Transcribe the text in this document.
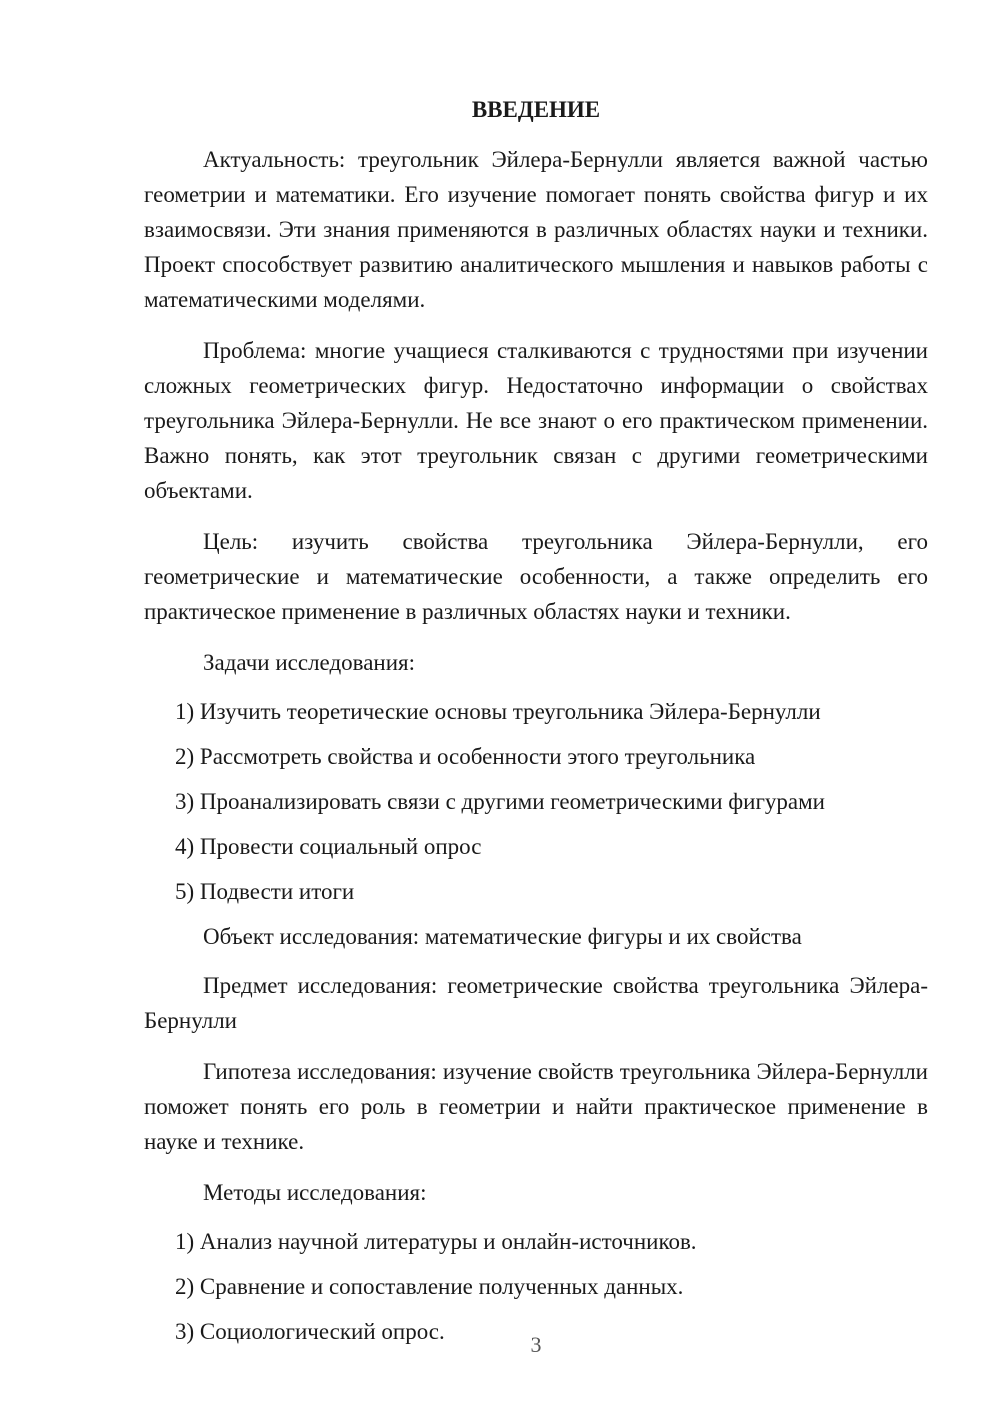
ВВЕДЕНИЕ

Актуальность: треугольник Эйлера-Бернулли является важной частью геометрии и математики. Его изучение помогает понять свойства фигур и их взаимосвязи. Эти знания применяются в различных областях науки и техники. Проект способствует развитию аналитического мышления и навыков работы с математическими моделями.

Проблема: многие учащиеся сталкиваются с трудностями при изучении сложных геометрических фигур. Недостаточно информации о свойствах треугольника Эйлера-Бернулли. Не все знают о его практическом применении. Важно понять, как этот треугольник связан с другими геометрическими объектами.

Цель: изучить свойства треугольника Эйлера-Бернулли, его геометрические и математические особенности, а также определить его практическое применение в различных областях науки и техники.

Задачи исследования:

1) Изучить теоретические основы треугольника Эйлера-Бернулли
2) Рассмотреть свойства и особенности этого треугольника
3) Проанализировать связи с другими геометрическими фигурами
4) Провести социальный опрос
5) Подвести итоги

Объект исследования: математические фигуры и их свойства

Предмет исследования: геометрические свойства треугольника Эйлера-Бернулли

Гипотеза исследования: изучение свойств треугольника Эйлера-Бернулли поможет понять его роль в геометрии и найти практическое применение в науке и технике.

Методы исследования:

1) Анализ научной литературы и онлайн-источников.
2) Сравнение и сопоставление полученных данных.
3) Социологический опрос.
3
